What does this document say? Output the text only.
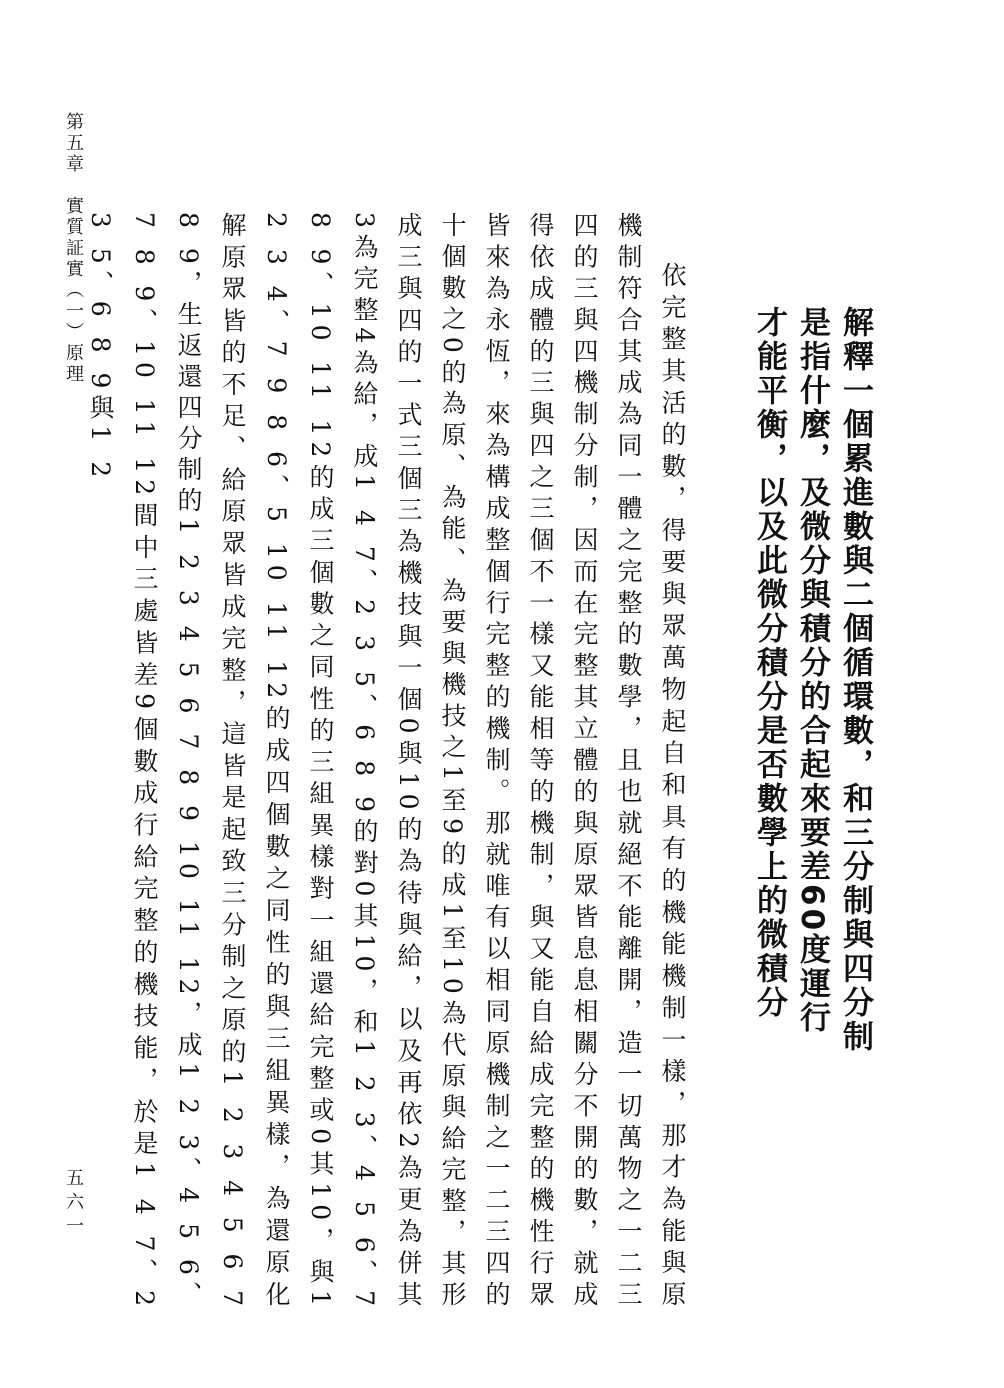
第五章　實質証實（一）原理
五六一
解釋一個累進數與二個循環數，和三分制與四分制
是指什麼，及微分與積分的合起來要差60度運行
才能平衡，以及此微分積分是否數學上的微積分
依完整其活的數，得要與眾萬物起自和具有的機能機制一樣，那才為能與原機制符合其成為同一體之完整的數學，且也就絕不能離開，造一切萬物之一二三四的三與四機制分制，因而在完整其立體的與原眾皆息息相關分不開的數，就成得依成體的三與四之三個不一樣又能相等的機制，與又能自給成完整的機性行眾皆來為永恆，來為構成整個行完整的機制。那就唯有以相同原機制之一二三四的十個數之0的為原、為能、為要與機技之1至9的成1至10為代原與給完整，其形成三與四的一式三個三為機技與一個0與10的為待與給，以及再依2為更為併其3為完整4為給，成1 4 7、2 3 5、6 8 9的對0其10，和1 2 3、4 5 6、7 8 9、10 11 12的成三個數之同性的三組異樣對一組還給完整或0其10，與1 2 3 4、7 9 8 6、5 10 11 12的成四個數之同性的與三組異樣，為還原化解原眾皆的不足、給原眾皆成完整，這皆是起致三分制之原的1 2 3 4 5 6 7 8 9，生返還四分制的1 2 3 4 5 6 7 8 9 10 11 12，成1 2 3、4 5 6、7 8 9、10 11 12間中三處皆差9個數成行給完整的機技能，於是1 4 7、2 3 5、6 8 9與1 2
